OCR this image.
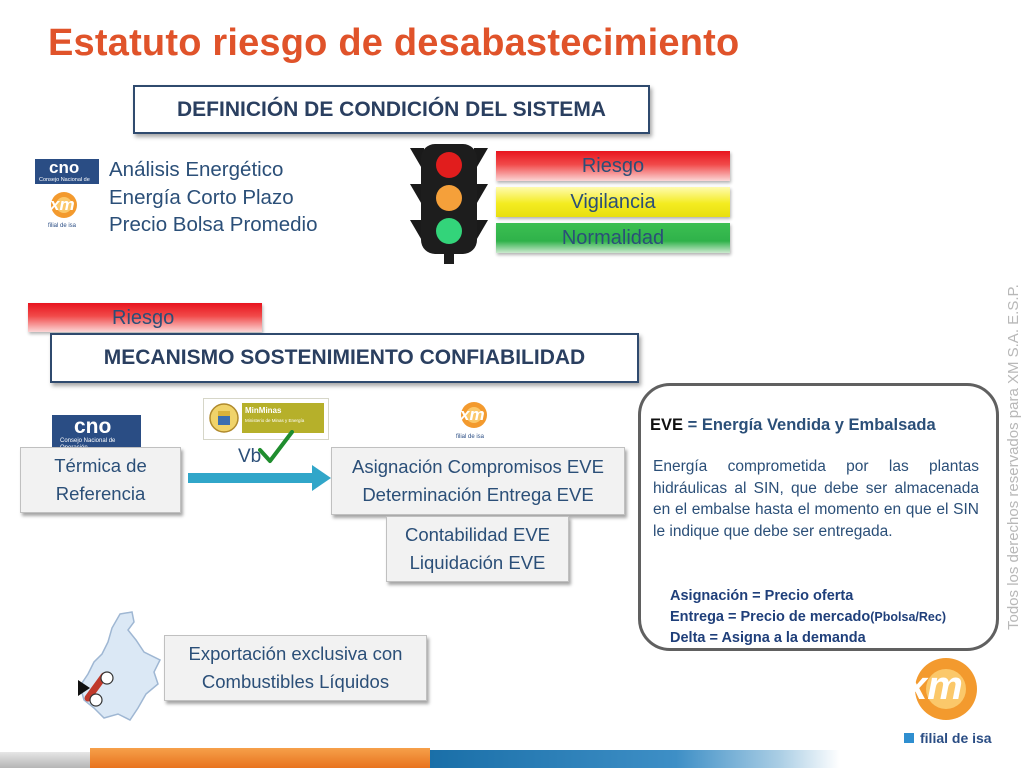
Estatuto riesgo de desabastecimiento
DEFINICIÓN DE CONDICIÓN DEL SISTEMA
cno
Consejo Nacional de Operación
xm
filial de isa
Análisis Energético
Energía Corto Plazo
Precio Bolsa Promedio
Riesgo
Vigilancia
Normalidad
Riesgo
MECANISMO SOSTENIMIENTO CONFIABILIDAD
cno
Consejo Nacional de
MinMinas
Ministerio de Minas y Energía
Vb
xm
filial de isa
Térmica de
Referencia
Asignación Compromisos EVE
Determinación Entrega EVE
Contabilidad EVE
Liquidación EVE
Exportación exclusiva con
Combustibles Líquidos
EVE = Energía Vendida y Embalsada
Energía comprometida por las plantas hidráulicas al SIN, que debe ser almacenada en el embalse hasta el momento en que el SIN le indique que debe ser entregada.
Asignación = Precio oferta
Entrega = Precio de mercado(Pbolsa/Rec)
Delta = Asigna a la demanda
Todos los derechos reservados para XM S.A. E.S.P.
xm
filial de isa
